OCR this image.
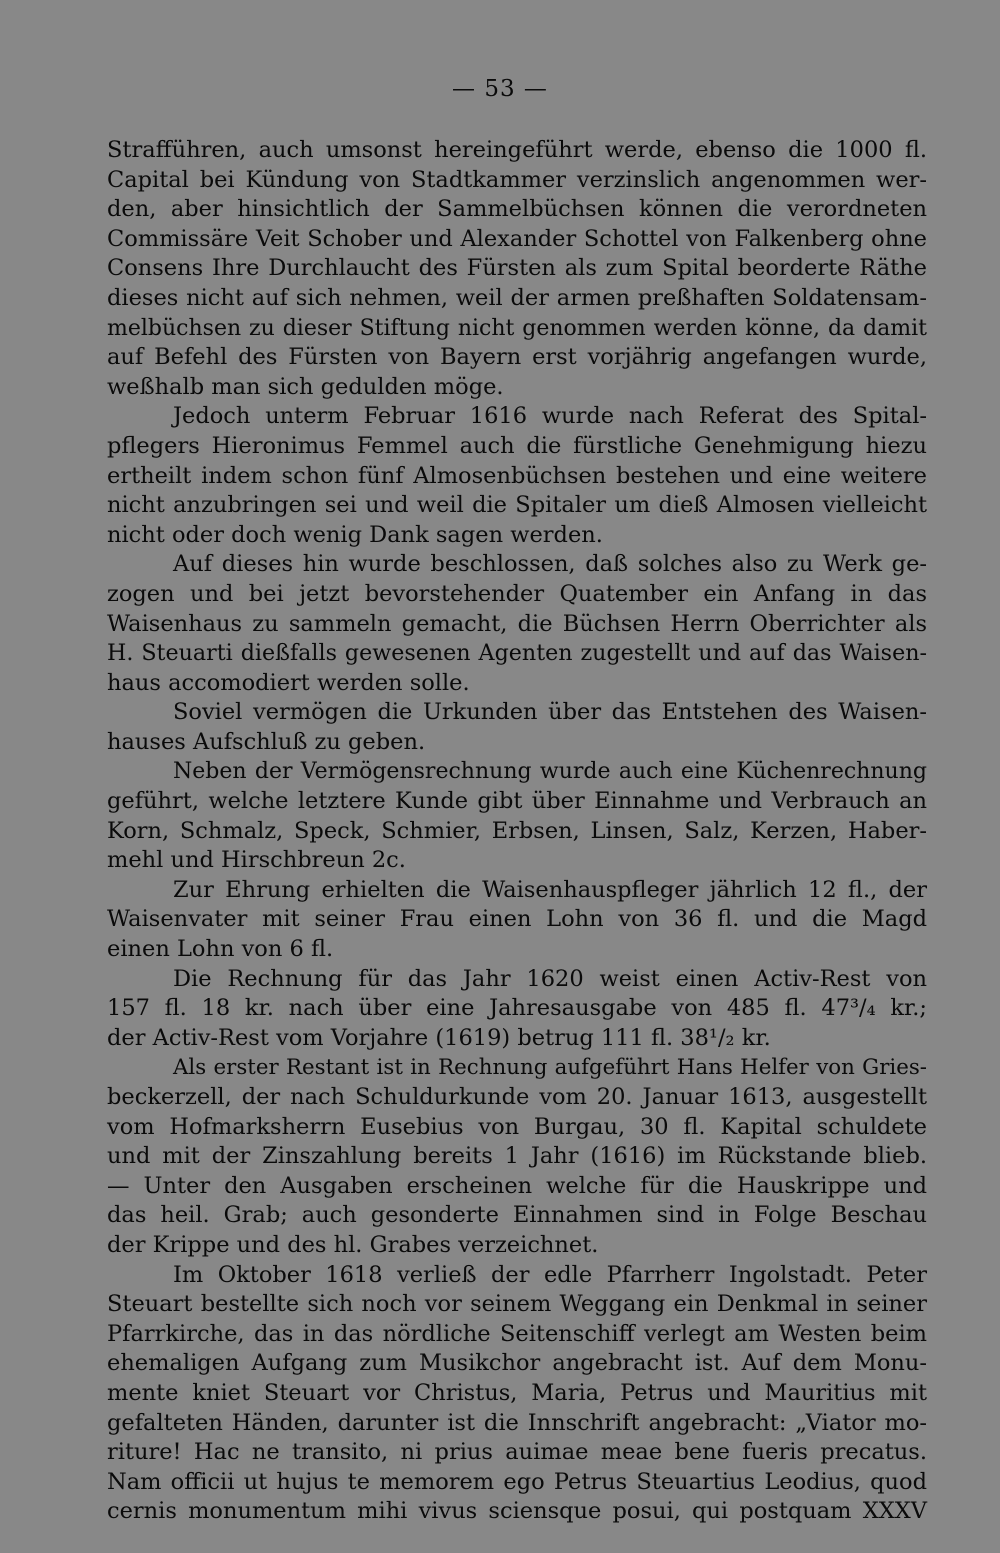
— 53 —
Strafführen, auch umsonst hereingeführt werde, ebenso die 1000 fl.
Capital bei Kündung von Stadtkammer verzinslich angenommen wer-
den, aber hinsichtlich der Sammelbüchsen können die verordneten
Commissäre Veit Schober und Alexander Schottel von Falkenberg ohne
Consens Ihre Durchlaucht des Fürsten als zum Spital beorderte Räthe
dieses nicht auf sich nehmen, weil der armen preßhaften Soldatensam-
melbüchsen zu dieser Stiftung nicht genommen werden könne, da damit
auf Befehl des Fürsten von Bayern erst vorjährig angefangen wurde,
weßhalb man sich gedulden möge.
Jedoch unterm Februar 1616 wurde nach Referat des Spital-
pflegers Hieronimus Femmel auch die fürstliche Genehmigung hiezu
ertheilt indem schon fünf Almosenbüchsen bestehen und eine weitere
nicht anzubringen sei und weil die Spitaler um dieß Almosen vielleicht
nicht oder doch wenig Dank sagen werden.
Auf dieses hin wurde beschlossen, daß solches also zu Werk ge-
zogen und bei jetzt bevorstehender Quatember ein Anfang in das
Waisenhaus zu sammeln gemacht, die Büchsen Herrn Oberrichter als
H. Steuarti dießfalls gewesenen Agenten zugestellt und auf das Waisen-
haus accomodiert werden solle.
Soviel vermögen die Urkunden über das Entstehen des Waisen-
hauses Aufschluß zu geben.
Neben der Vermögensrechnung wurde auch eine Küchenrechnung
geführt, welche letztere Kunde gibt über Einnahme und Verbrauch an
Korn, Schmalz, Speck, Schmier, Erbsen, Linsen, Salz, Kerzen, Haber-
mehl und Hirschbreun 2c.
Zur Ehrung erhielten die Waisenhauspfleger jährlich 12 fl., der
Waisenvater mit seiner Frau einen Lohn von 36 fl. und die Magd
einen Lohn von 6 fl.
Die Rechnung für das Jahr 1620 weist einen Activ-Rest von
157 fl. 18 kr. nach über eine Jahresausgabe von 485 fl. 47³/₄ kr.;
der Activ-Rest vom Vorjahre (1619) betrug 111 fl. 38¹/₂ kr.
Als erster Restant ist in Rechnung aufgeführt Hans Helfer von Gries-
beckerzell, der nach Schuldurkunde vom 20. Januar 1613, ausgestellt
vom Hofmarksherrn Eusebius von Burgau, 30 fl. Kapital schuldete
und mit der Zinszahlung bereits 1 Jahr (1616) im Rückstande blieb.
— Unter den Ausgaben erscheinen welche für die Hauskrippe und
das heil. Grab; auch gesonderte Einnahmen sind in Folge Beschau
der Krippe und des hl. Grabes verzeichnet.
Im Oktober 1618 verließ der edle Pfarrherr Ingolstadt. Peter
Steuart bestellte sich noch vor seinem Weggang ein Denkmal in seiner
Pfarrkirche, das in das nördliche Seitenschiff verlegt am Westen beim
ehemaligen Aufgang zum Musikchor angebracht ist. Auf dem Monu-
mente kniet Steuart vor Christus, Maria, Petrus und Mauritius mit
gefalteten Händen, darunter ist die Innschrift angebracht: „Viator mo-
riture! Hac ne transito, ni prius auimae meae bene fueris precatus.
Nam officii ut hujus te memorem ego Petrus Steuartius Leodius, quod
cernis monumentum mihi vivus sciensque posui, qui postquam XXXV
